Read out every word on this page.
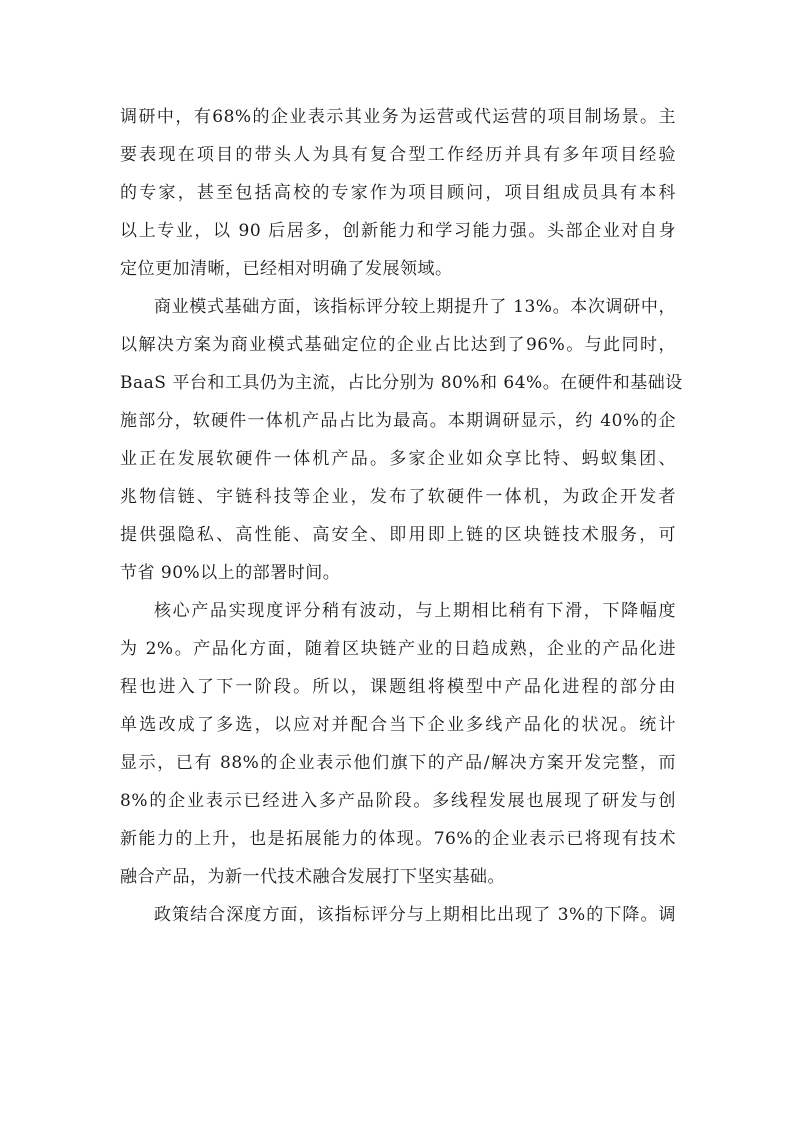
调研中，有68%的企业表示其业务为运营或代运营的项目制场景。主
要表现在项目的带头人为具有复合型工作经历并具有多年项目经验
的专家，甚至包括高校的专家作为项目顾问，项目组成员具有本科
以上专业，以 90 后居多，创新能力和学习能力强。头部企业对自身
定位更加清晰，已经相对明确了发展领域。
商业模式基础方面，该指标评分较上期提升了 13%。本次调研中，
以解决方案为商业模式基础定位的企业占比达到了96%。与此同时，
BaaS 平台和工具仍为主流，占比分别为 80%和 64%。在硬件和基础设
施部分，软硬件一体机产品占比为最高。本期调研显示，约 40%的企
业正在发展软硬件一体机产品。多家企业如众享比特、蚂蚁集团、
兆物信链、宇链科技等企业，发布了软硬件一体机，为政企开发者
提供强隐私、高性能、高安全、即用即上链的区块链技术服务，可
节省 90%以上的部署时间。
核心产品实现度评分稍有波动，与上期相比稍有下滑，下降幅度
为 2%。产品化方面，随着区块链产业的日趋成熟，企业的产品化进
程也进入了下一阶段。所以，课题组将模型中产品化进程的部分由
单选改成了多选，以应对并配合当下企业多线产品化的状况。统计
显示，已有 88%的企业表示他们旗下的产品/解决方案开发完整，而
8%的企业表示已经进入多产品阶段。多线程发展也展现了研发与创
新能力的上升，也是拓展能力的体现。76%的企业表示已将现有技术
融合产品，为新一代技术融合发展打下坚实基础。
政策结合深度方面，该指标评分与上期相比出现了 3%的下降。调
